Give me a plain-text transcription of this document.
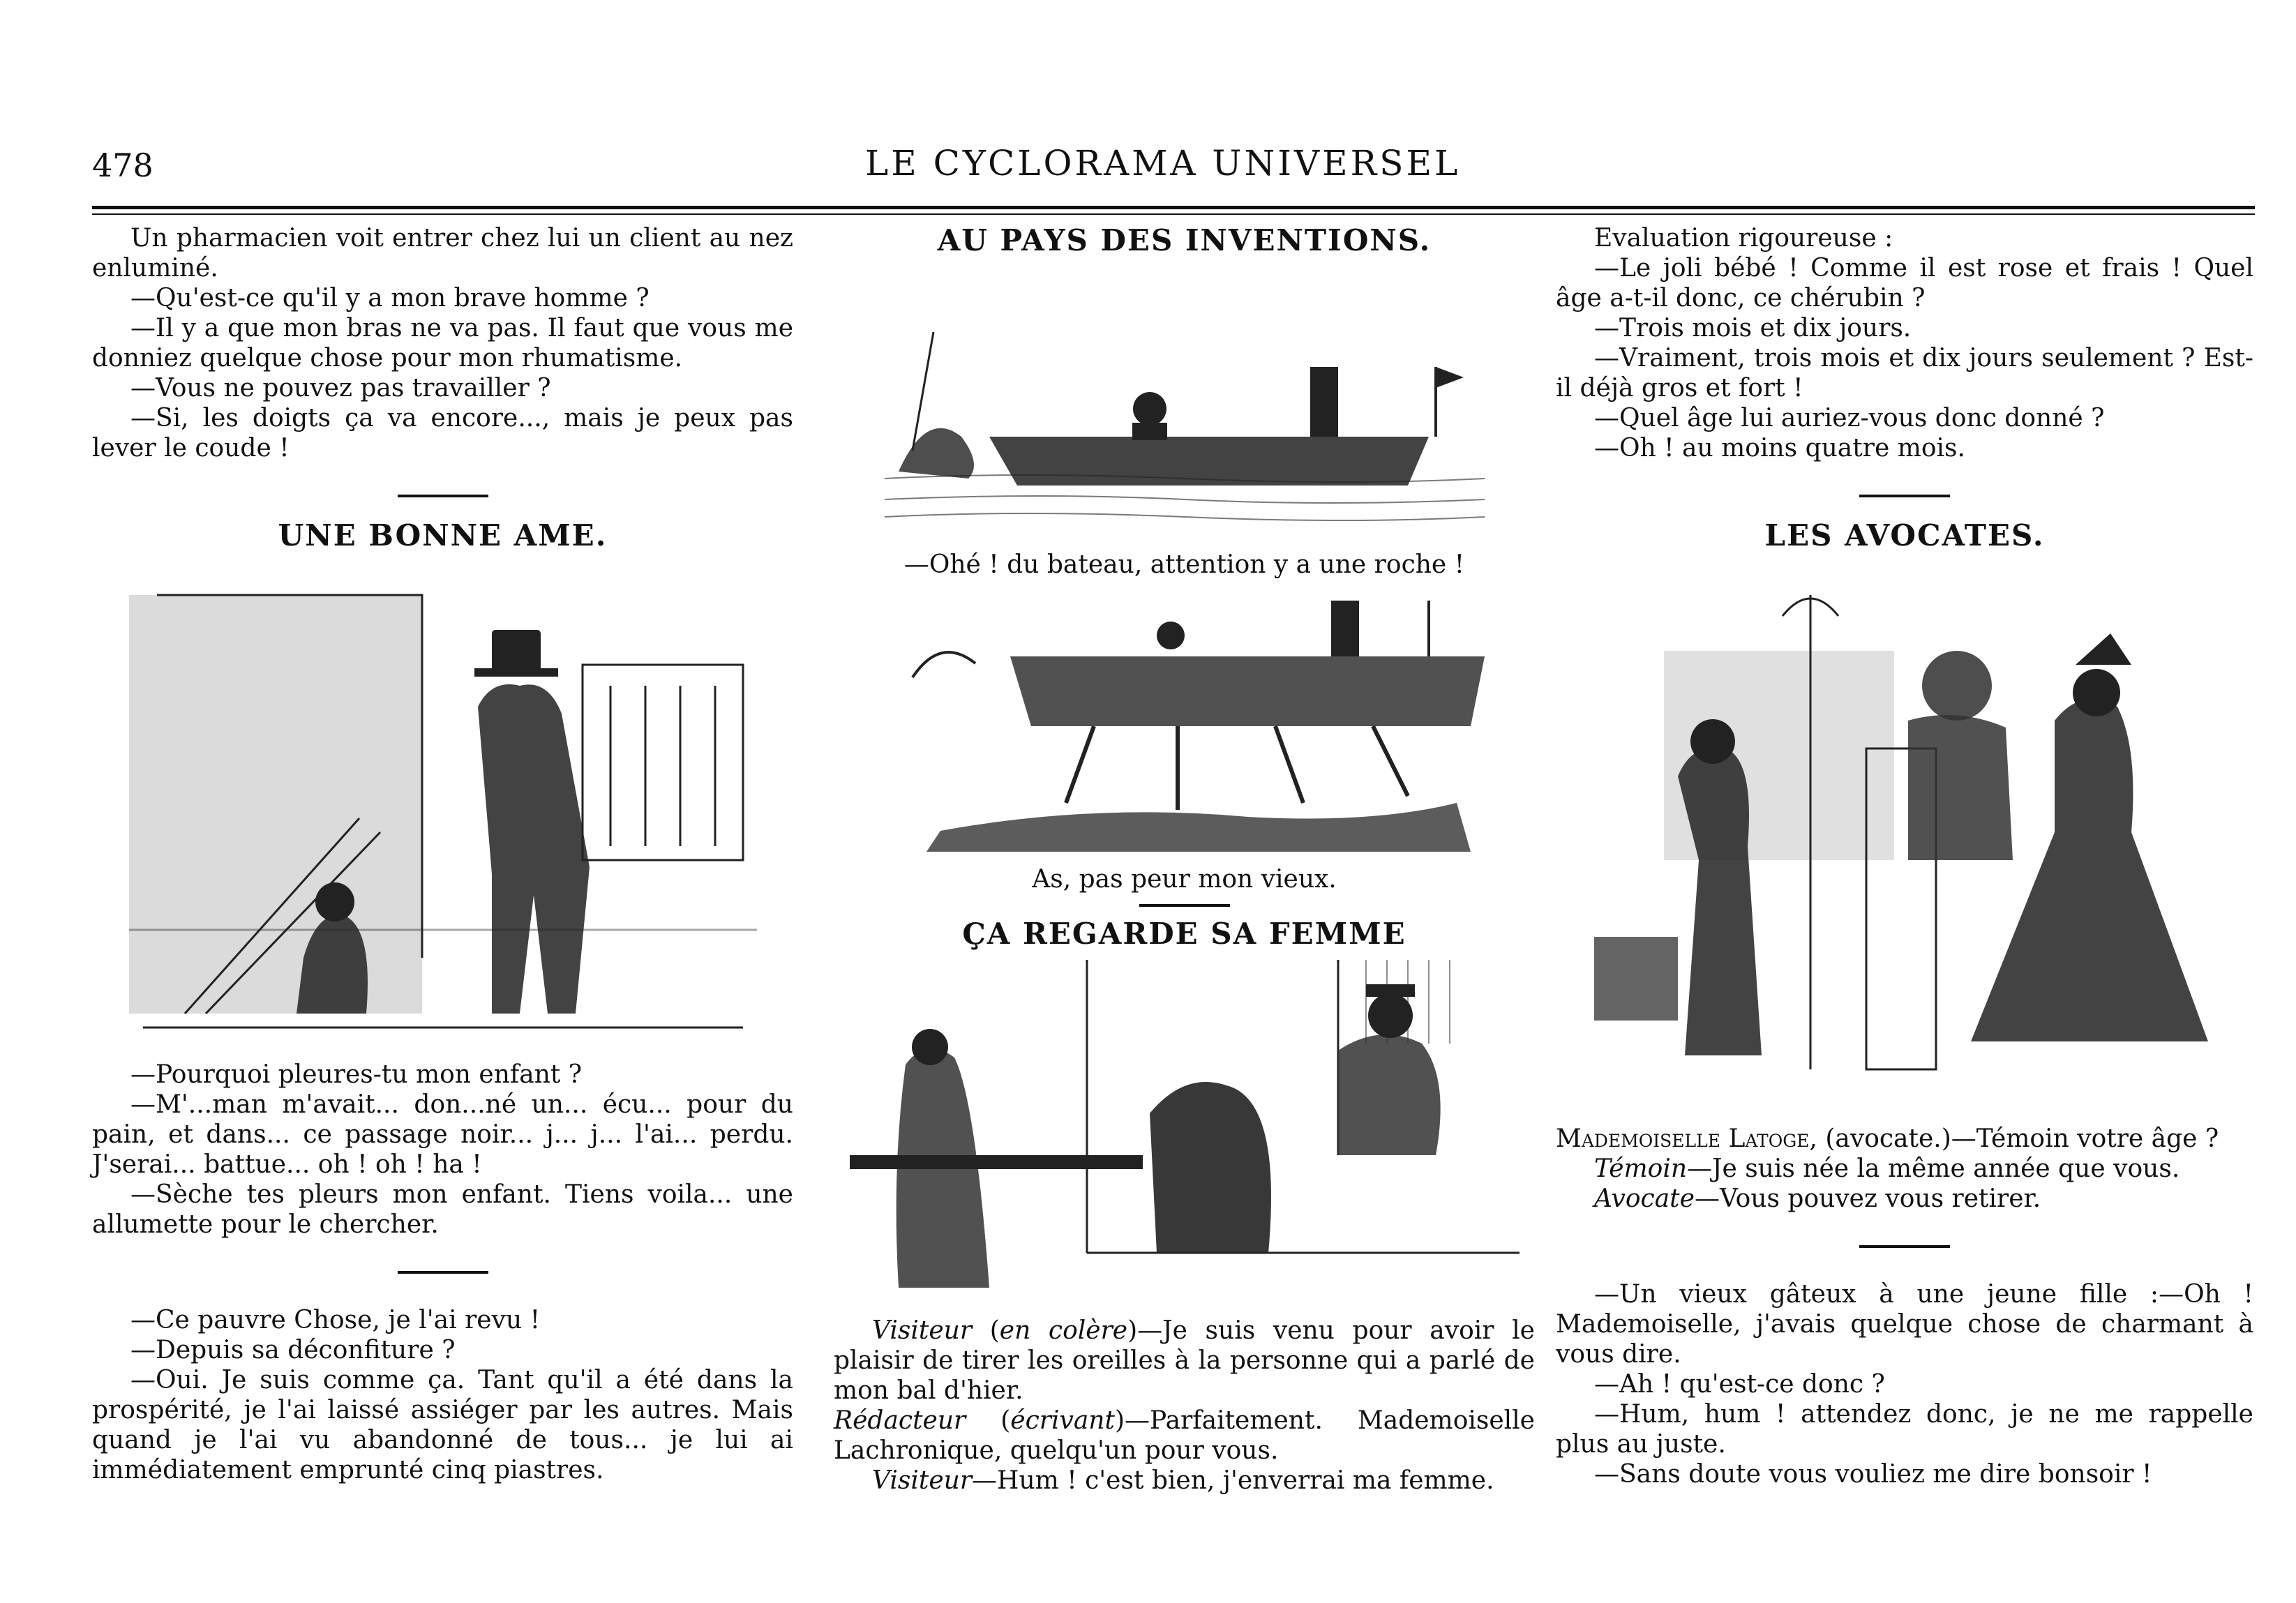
478	LE CYCLORAMA UNIVERSEL

Un pharmacien voit entrer chez lui un client au nez enluminé.

—Qu'est-ce qu'il y a mon brave homme ?

—Il y a que mon bras ne va pas. Il faut que vous me donniez quelque chose pour mon rhumatisme.

—Vous ne pouvez pas travailler ?

—Si, les doigts ça va encore..., mais je peux pas lever le coude !

UNE BONNE AME.

—Pourquoi pleures-tu mon enfant ?

—M'...man m'avait... don...né un... écu... pour du pain, et dans... ce passage noir... j... j... l'ai... perdu. J'serai... battue... oh ! oh ! ha !

—Sèche tes pleurs mon enfant. Tiens voila... une allumette pour le chercher.

—Ce pauvre Chose, je l'ai revu !

—Depuis sa déconfiture ?

—Oui. Je suis comme ça. Tant qu'il a été dans la prospérité, je l'ai laissé assiéger par les autres. Mais quand je l'ai vu abandonné de tous... je lui ai immédiatement emprunté cinq piastres.

AU PAYS DES INVENTIONS.

—Ohé ! du bateau, attention y a une roche !

As, pas peur mon vieux.

ÇA REGARDE SA FEMME

Visiteur (en colère)—Je suis venu pour avoir le plaisir de tirer les oreilles à la personne qui a parlé de mon bal d'hier.

Rédacteur (écrivant)—Parfaitement. Mademoiselle Lachronique, quelqu'un pour vous.

Visiteur—Hum ! c'est bien, j'enverrai ma femme.

Evaluation rigoureuse :

—Le joli bébé ! Comme il est rose et frais ! Quel âge a-t-il donc, ce chérubin ?

—Trois mois et dix jours.

—Vraiment, trois mois et dix jours seulement ? Est-il déjà gros et fort !

—Quel âge lui auriez-vous donc donné ?

—Oh ! au moins quatre mois.

LES AVOCATES.

Mademoiselle Latoge, (avocate.)—Témoin votre âge ?

Témoin—Je suis née la même année que vous.

Avocate—Vous pouvez vous retirer.

—Un vieux gâteux à une jeune fille :—Oh ! Mademoiselle, j'avais quelque chose de charmant à vous dire.

—Ah ! qu'est-ce donc ?

—Hum, hum ! attendez donc, je ne me rappelle plus au juste.

—Sans doute vous vouliez me dire bonsoir !
